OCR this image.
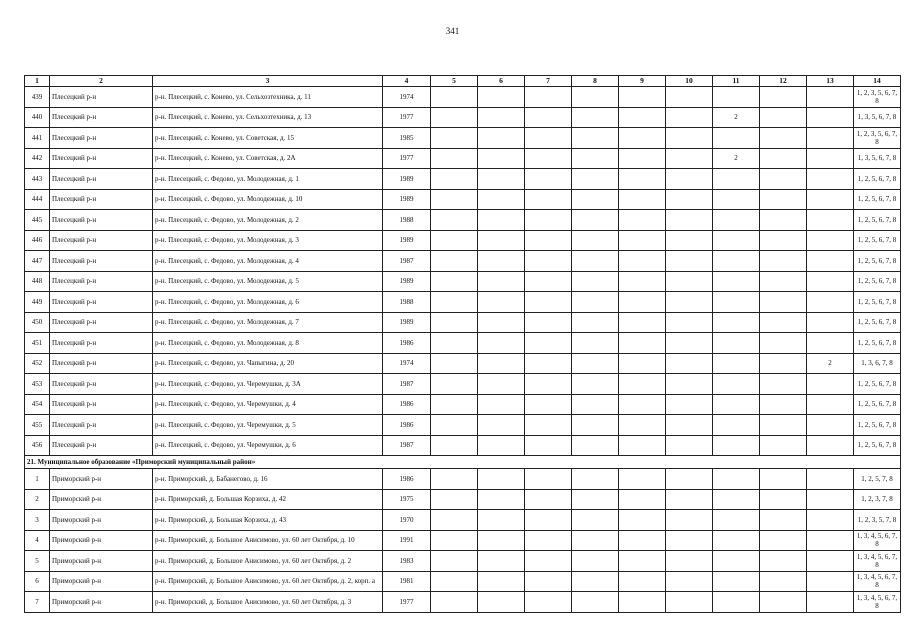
341
1	2	3	4	5	6	7	8	9	10	11	12	13	14
439	Плесецкий р-н	р-н. Плесецкий, с. Конево, ул. Сельхозтехника, д. 11	1974										1, 2, 3, 5, 6, 7, 8
440	Плесецкий р-н	р-н. Плесецкий, с. Конево, ул. Сельхозтехника, д. 13	1977							2			1, 3, 5, 6, 7, 8
441	Плесецкий р-н	р-н. Плесецкий, с. Конево, ул. Советская, д. 15	1985										1, 2, 3, 5, 6, 7, 8
442	Плесецкий р-н	р-н. Плесецкий, с. Конево, ул. Советская, д. 2А	1977							2			1, 3, 5, 6, 7, 8
443	Плесецкий р-н	р-н. Плесецкий, с. Федово, ул. Молодежная, д. 1	1989										1, 2, 5, 6, 7, 8
444	Плесецкий р-н	р-н. Плесецкий, с. Федово, ул. Молодежная, д. 10	1989										1, 2, 5, 6, 7, 8
445	Плесецкий р-н	р-н. Плесецкий, с. Федово, ул. Молодежная, д. 2	1988										1, 2, 5, 6, 7, 8
446	Плесецкий р-н	р-н. Плесецкий, с. Федово, ул. Молодежная, д. 3	1989										1, 2, 5, 6, 7, 8
447	Плесецкий р-н	р-н. Плесецкий, с. Федово, ул. Молодежная, д. 4	1987										1, 2, 5, 6, 7, 8
448	Плесецкий р-н	р-н. Плесецкий, с. Федово, ул. Молодежная, д. 5	1989										1, 2, 5, 6, 7, 8
449	Плесецкий р-н	р-н. Плесецкий, с. Федово, ул. Молодежная, д. 6	1988										1, 2, 5, 6, 7, 8
450	Плесецкий р-н	р-н. Плесецкий, с. Федово, ул. Молодежная, д. 7	1989										1, 2, 5, 6, 7, 8
451	Плесецкий р-н	р-н. Плесецкий, с. Федово, ул. Молодежная, д. 8	1986										1, 2, 5, 6, 7, 8
452	Плесецкий р-н	р-н. Плесецкий, с. Федово, ул. Чапыгина, д. 20	1974									2	1, 3, 6, 7, 8
453	Плесецкий р-н	р-н. Плесецкий, с. Федово, ул. Черемушки, д. 3А	1987										1, 2, 5, 6, 7, 8
454	Плесецкий р-н	р-н. Плесецкий, с. Федово, ул. Черемушки, д. 4	1986										1, 2, 5, 6, 7, 8
455	Плесецкий р-н	р-н. Плесецкий, с. Федово, ул. Черемушки, д. 5	1986										1, 2, 5, 6, 7, 8
456	Плесецкий р-н	р-н. Плесецкий, с. Федово, ул. Черемушки, д. 6	1987										1, 2, 5, 6, 7, 8
21. Муниципальное образование «Приморский муниципальный район»													
1	Приморский р-н	р-н. Приморский, д. Бабанегово, д. 16	1986										1, 2, 5, 7, 8
2	Приморский р-н	р-н. Приморский, д. Большая Корзиха, д. 42	1975										1, 2, 3, 7, 8
3	Приморский р-н	р-н. Приморский, д. Большая Корзиха, д. 43	1970										1, 2, 3, 5, 7, 8
4	Приморский р-н	р-н. Приморский, д. Большое Анисимово, ул. 60 лет Октября, д. 10	1991										1, 3, 4, 5, 6, 7, 8
5	Приморский р-н	р-н. Приморский, д. Большое Анисимово, ул. 60 лет Октября, д. 2	1983										1, 3, 4, 5, 6, 7, 8
6	Приморский р-н	р-н. Приморский, д. Большое Анисимово, ул. 60 лет Октября, д. 2, корп. а	1981										1, 3, 4, 5, 6, 7, 8
7	Приморский р-н	р-н. Приморский, д. Большое Анисимово, ул. 60 лет Октября, д. 3	1977										1, 3, 4, 5, 6, 7, 8
